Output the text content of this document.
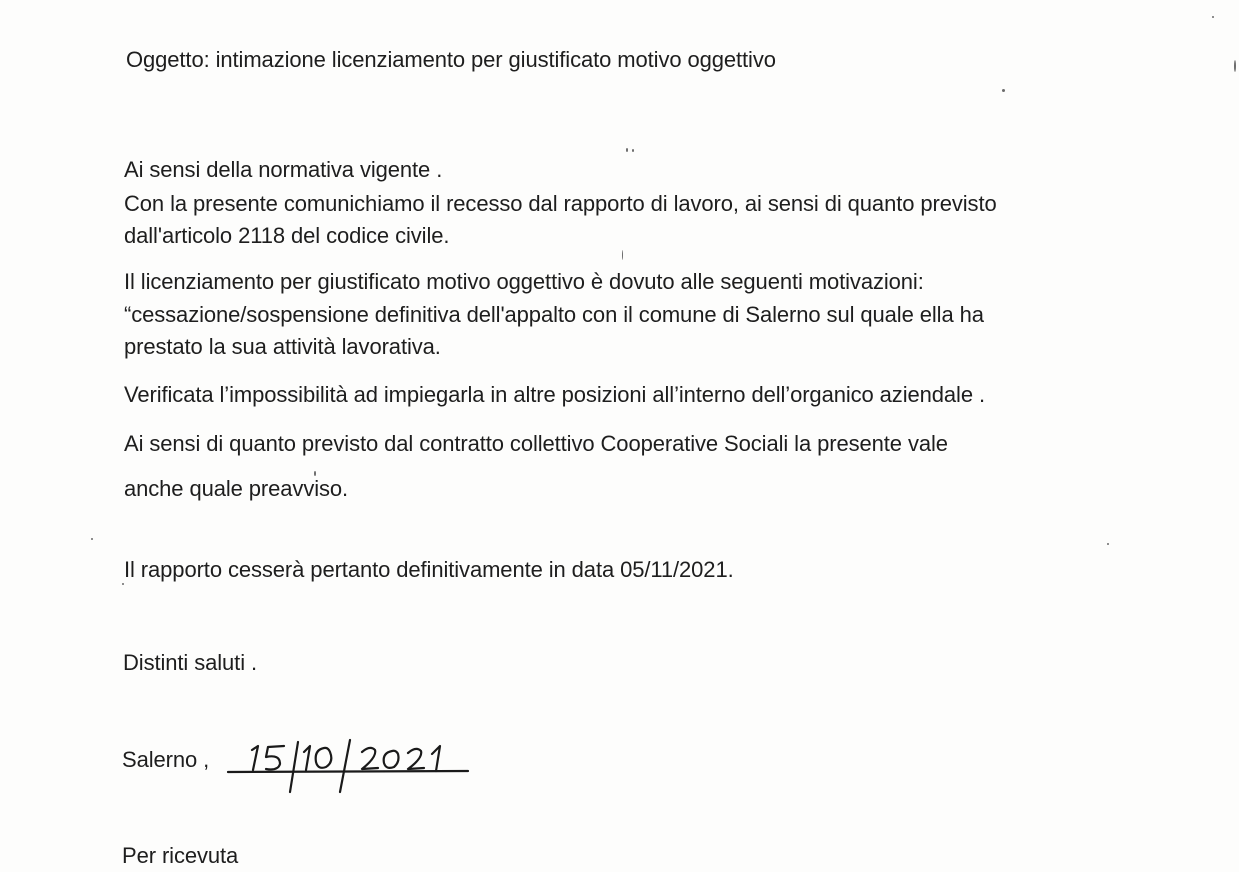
Oggetto: intimazione licenziamento per giustificato motivo oggettivo
Ai sensi della normativa vigente .
Con la presente comunichiamo il recesso dal rapporto di lavoro, ai sensi di quanto previsto
dall'articolo 2118 del codice civile.
Il licenziamento per giustificato motivo oggettivo è dovuto alle seguenti motivazioni:
“cessazione/sospensione definitiva dell'appalto con il comune di Salerno sul quale ella ha
prestato la sua attività lavorativa.
Verificata l’impossibilità ad impiegarla in altre posizioni all’interno dell’organico aziendale .
Ai sensi di quanto previsto dal contratto collettivo Cooperative Sociali la presente vale
anche quale preavviso.
Il rapporto cesserà pertanto definitivamente in data 05/11/2021.
Distinti saluti .
Salerno ,
Per ricevuta
